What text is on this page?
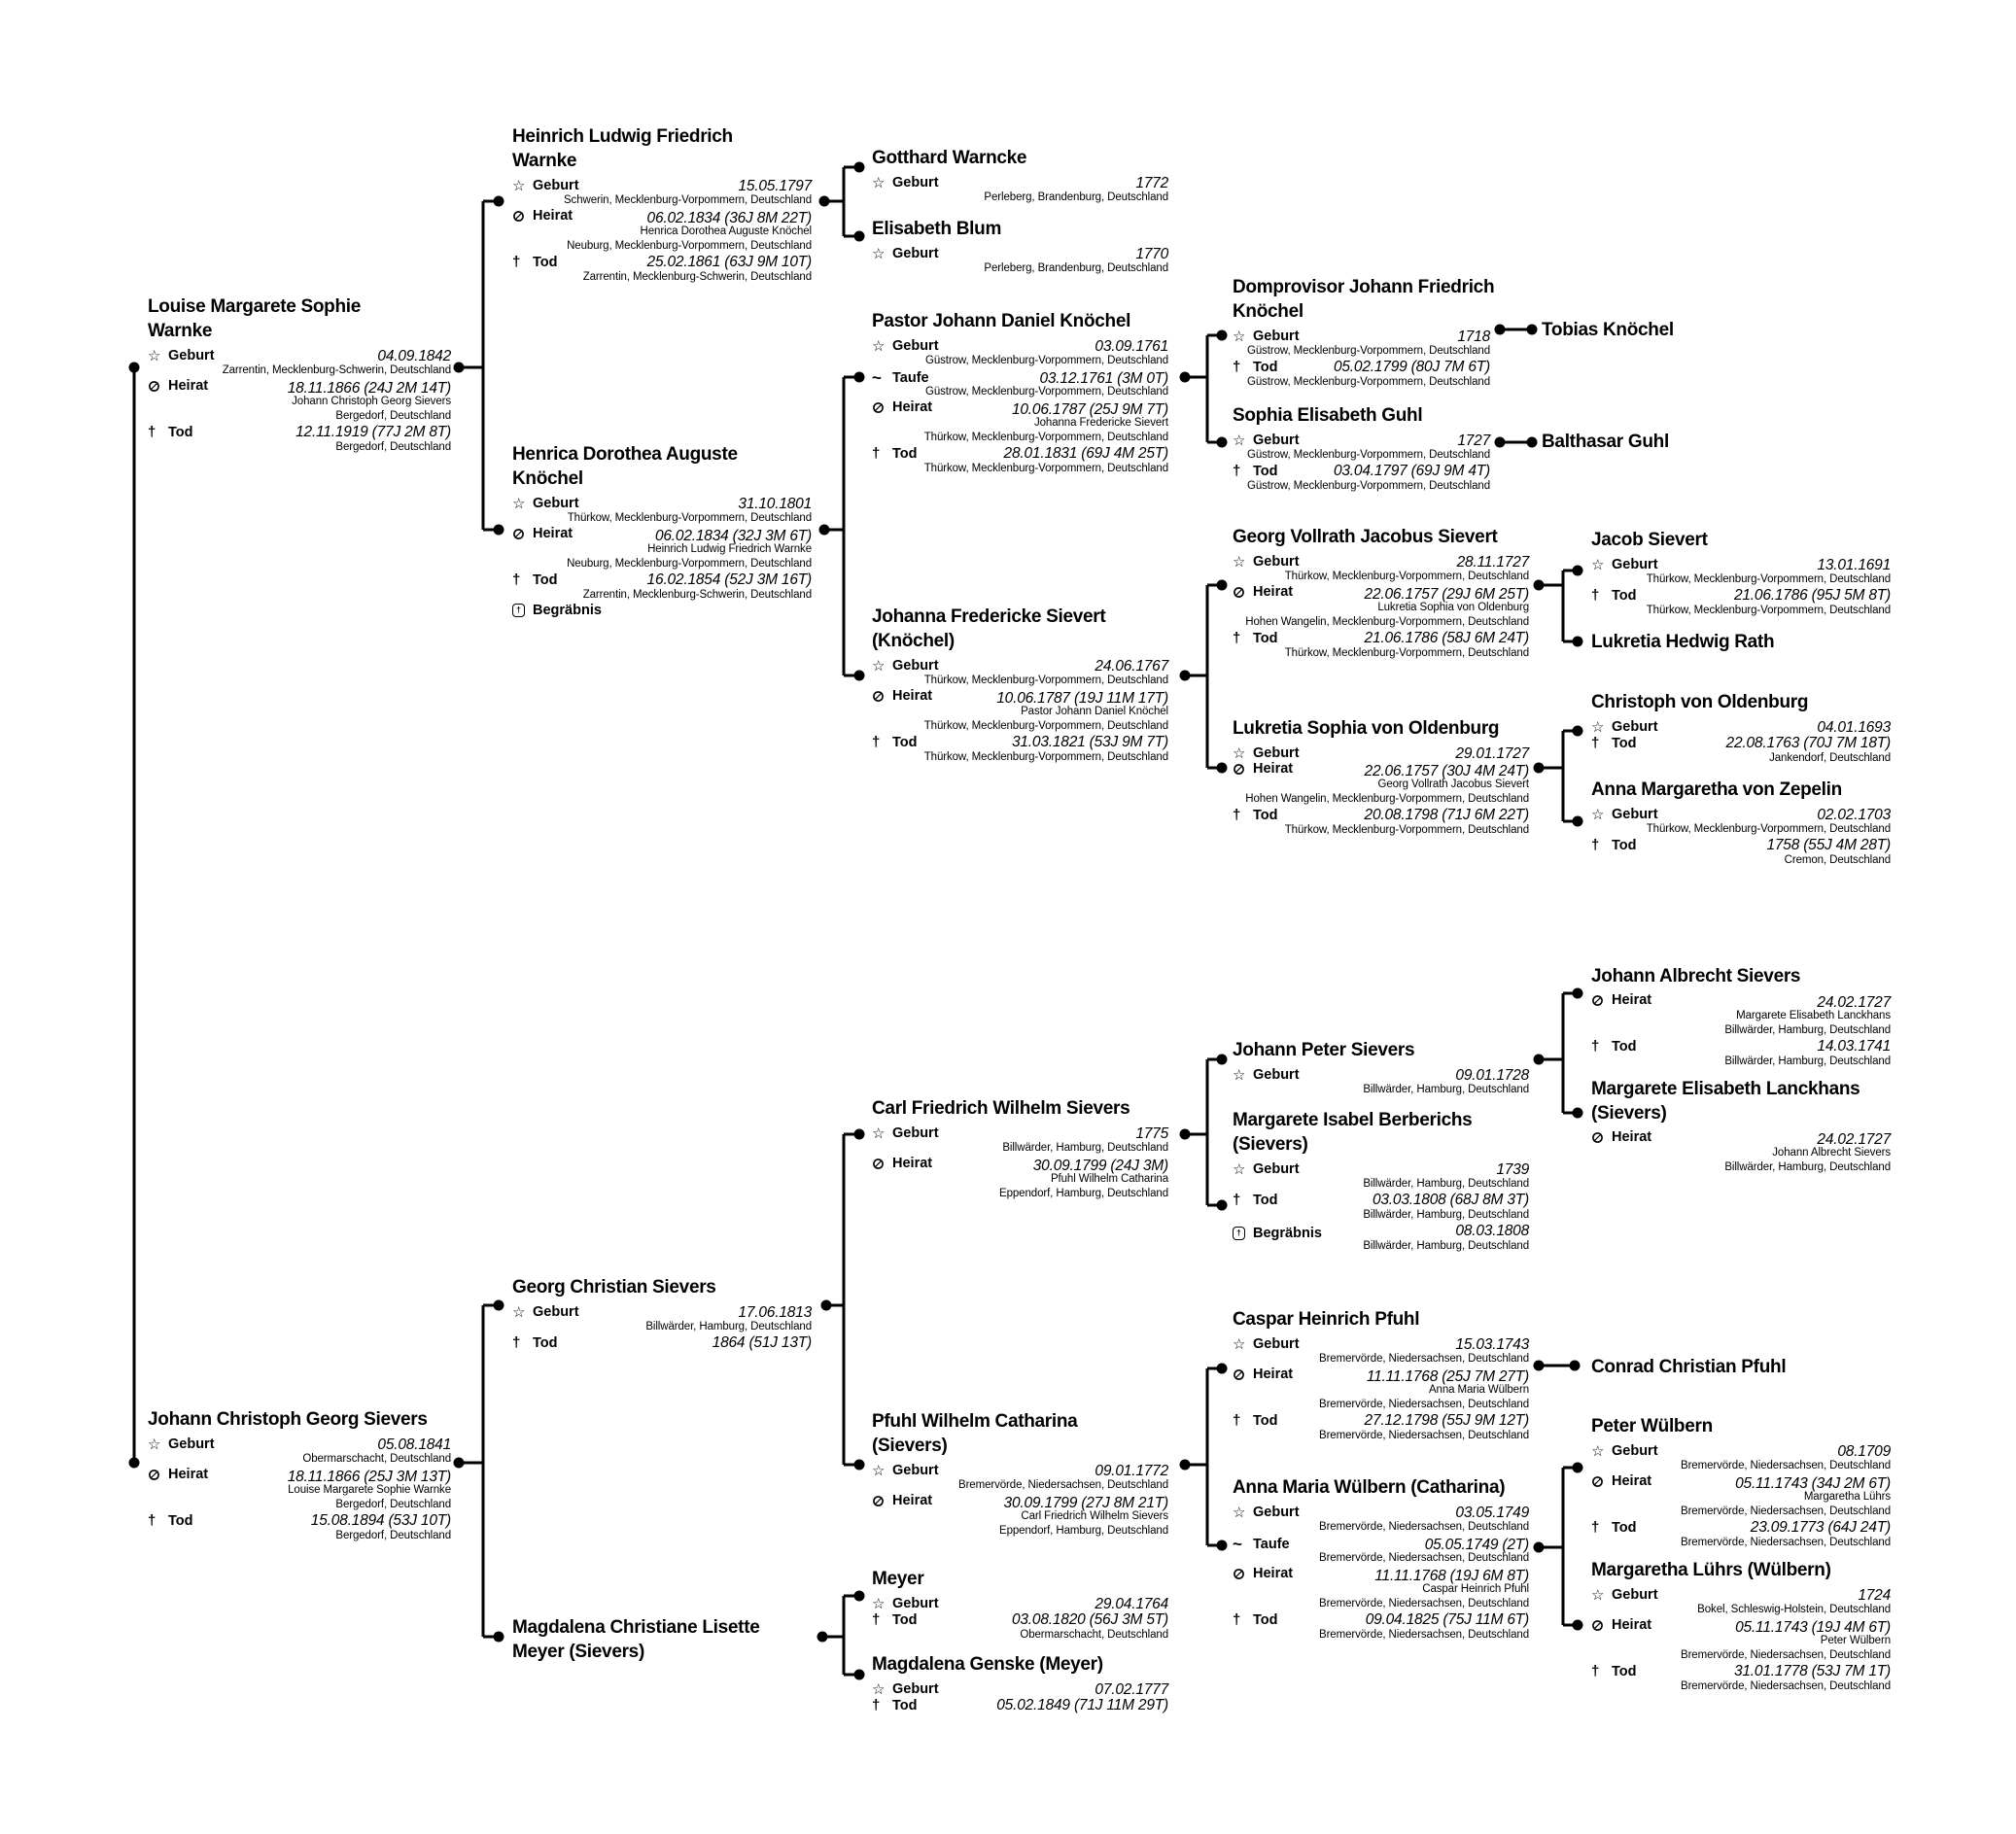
Louise Margarete Sophie
Warnke
☆ Geburt	04.09.1842
Zarrentin, Mecklenburg-Schwerin, Deutschland
Heirat	18.11.1866 (24J 2M 14T)
Johann Christoph Georg Sievers
Bergedorf, Deutschland
† Tod	12.11.1919 (77J 2M 8T)
Bergedorf, Deutschland
Johann Christoph Georg Sievers
☆ Geburt	05.08.1841
Obermarschacht, Deutschland
Heirat	18.11.1866 (25J 3M 13T)
Louise Margarete Sophie Warnke
Bergedorf, Deutschland
† Tod	15.08.1894 (53J 10T)
Bergedorf, Deutschland
Heinrich Ludwig Friedrich
Warnke
☆ Geburt	15.05.1797
Schwerin, Mecklenburg-Vorpommern, Deutschland
Heirat	06.02.1834 (36J 8M 22T)
Henrica Dorothea Auguste Knöchel
Neuburg, Mecklenburg-Vorpommern, Deutschland
† Tod	25.02.1861 (63J 9M 10T)
Zarrentin, Mecklenburg-Schwerin, Deutschland
Henrica Dorothea Auguste
Knöchel
☆ Geburt	31.10.1801
Thürkow, Mecklenburg-Vorpommern, Deutschland
Heirat	06.02.1834 (32J 3M 6T)
Heinrich Ludwig Friedrich Warnke
Neuburg, Mecklenburg-Vorpommern, Deutschland
† Tod	16.02.1854 (52J 3M 16T)
Zarrentin, Mecklenburg-Schwerin, Deutschland
† Begräbnis
Georg Christian Sievers
☆ Geburt	17.06.1813
Billwärder, Hamburg, Deutschland
† Tod	1864 (51J 13T)
Magdalena Christiane Lisette
Meyer (Sievers)
Gotthard Warncke
☆ Geburt	1772
Perleberg, Brandenburg, Deutschland
Elisabeth Blum
☆ Geburt	1770
Perleberg, Brandenburg, Deutschland
Pastor Johann Daniel Knöchel
☆ Geburt	03.09.1761
Güstrow, Mecklenburg-Vorpommern, Deutschland
~ Taufe	03.12.1761 (3M 0T)
Güstrow, Mecklenburg-Vorpommern, Deutschland
Heirat	10.06.1787 (25J 9M 7T)
Johanna Fredericke Sievert
Thürkow, Mecklenburg-Vorpommern, Deutschland
† Tod	28.01.1831 (69J 4M 25T)
Thürkow, Mecklenburg-Vorpommern, Deutschland
Johanna Fredericke Sievert
(Knöchel)
☆ Geburt	24.06.1767
Thürkow, Mecklenburg-Vorpommern, Deutschland
Heirat	10.06.1787 (19J 11M 17T)
Pastor Johann Daniel Knöchel
Thürkow, Mecklenburg-Vorpommern, Deutschland
† Tod	31.03.1821 (53J 9M 7T)
Thürkow, Mecklenburg-Vorpommern, Deutschland
Carl Friedrich Wilhelm Sievers
☆ Geburt	1775
Billwärder, Hamburg, Deutschland
Heirat	30.09.1799 (24J 3M)
Pfuhl Wilhelm Catharina
Eppendorf, Hamburg, Deutschland
Pfuhl Wilhelm Catharina
(Sievers)
☆ Geburt	09.01.1772
Bremervörde, Niedersachsen, Deutschland
Heirat	30.09.1799 (27J 8M 21T)
Carl Friedrich Wilhelm Sievers
Eppendorf, Hamburg, Deutschland
Meyer
☆ Geburt	29.04.1764
† Tod	03.08.1820 (56J 3M 5T)
Obermarschacht, Deutschland
Magdalena Genske (Meyer)
☆ Geburt	07.02.1777
† Tod	05.02.1849 (71J 11M 29T)
Domprovisor Johann Friedrich
Knöchel
☆ Geburt	1718
Güstrow, Mecklenburg-Vorpommern, Deutschland
† Tod	05.02.1799 (80J 7M 6T)
Güstrow, Mecklenburg-Vorpommern, Deutschland
Sophia Elisabeth Guhl
☆ Geburt	1727
Güstrow, Mecklenburg-Vorpommern, Deutschland
† Tod	03.04.1797 (69J 9M 4T)
Güstrow, Mecklenburg-Vorpommern, Deutschland
Georg Vollrath Jacobus Sievert
☆ Geburt	28.11.1727
Thürkow, Mecklenburg-Vorpommern, Deutschland
Heirat	22.06.1757 (29J 6M 25T)
Lukretia Sophia von Oldenburg
Hohen Wangelin, Mecklenburg-Vorpommern, Deutschland
† Tod	21.06.1786 (58J 6M 24T)
Thürkow, Mecklenburg-Vorpommern, Deutschland
Lukretia Sophia von Oldenburg
☆ Geburt	29.01.1727
Heirat	22.06.1757 (30J 4M 24T)
Georg Vollrath Jacobus Sievert
Hohen Wangelin, Mecklenburg-Vorpommern, Deutschland
† Tod	20.08.1798 (71J 6M 22T)
Thürkow, Mecklenburg-Vorpommern, Deutschland
Johann Peter Sievers
☆ Geburt	09.01.1728
Billwärder, Hamburg, Deutschland
Margarete Isabel Berberichs
(Sievers)
☆ Geburt	1739
Billwärder, Hamburg, Deutschland
† Tod	03.03.1808 (68J 8M 3T)
Billwärder, Hamburg, Deutschland
† Begräbnis	08.03.1808
Billwärder, Hamburg, Deutschland
Caspar Heinrich Pfuhl
☆ Geburt	15.03.1743
Bremervörde, Niedersachsen, Deutschland
Heirat	11.11.1768 (25J 7M 27T)
Anna Maria Wülbern
Bremervörde, Niedersachsen, Deutschland
† Tod	27.12.1798 (55J 9M 12T)
Bremervörde, Niedersachsen, Deutschland
Anna Maria Wülbern (Catharina)
☆ Geburt	03.05.1749
Bremervörde, Niedersachsen, Deutschland
~ Taufe	05.05.1749 (2T)
Bremervörde, Niedersachsen, Deutschland
Heirat	11.11.1768 (19J 6M 8T)
Caspar Heinrich Pfuhl
Bremervörde, Niedersachsen, Deutschland
† Tod	09.04.1825 (75J 11M 6T)
Bremervörde, Niedersachsen, Deutschland
Tobias Knöchel
Balthasar Guhl
Jacob Sievert
☆ Geburt	13.01.1691
Thürkow, Mecklenburg-Vorpommern, Deutschland
† Tod	21.06.1786 (95J 5M 8T)
Thürkow, Mecklenburg-Vorpommern, Deutschland
Lukretia Hedwig Rath
Christoph von Oldenburg
☆ Geburt	04.01.1693
† Tod	22.08.1763 (70J 7M 18T)
Jankendorf, Deutschland
Anna Margaretha von Zepelin
☆ Geburt	02.02.1703
Thürkow, Mecklenburg-Vorpommern, Deutschland
† Tod	1758 (55J 4M 28T)
Cremon, Deutschland
Johann Albrecht Sievers
Heirat	24.02.1727
Margarete Elisabeth Lanckhans
Billwärder, Hamburg, Deutschland
† Tod	14.03.1741
Billwärder, Hamburg, Deutschland
Margarete Elisabeth Lanckhans
(Sievers)
Heirat	24.02.1727
Johann Albrecht Sievers
Billwärder, Hamburg, Deutschland
Conrad Christian Pfuhl
Peter Wülbern
☆ Geburt	08.1709
Bremervörde, Niedersachsen, Deutschland
Heirat	05.11.1743 (34J 2M 6T)
Margaretha Lührs
Bremervörde, Niedersachsen, Deutschland
† Tod	23.09.1773 (64J 24T)
Bremervörde, Niedersachsen, Deutschland
Margaretha Lührs (Wülbern)
☆ Geburt	1724
Bokel, Schleswig-Holstein, Deutschland
Heirat	05.11.1743 (19J 4M 6T)
Peter Wülbern
Bremervörde, Niedersachsen, Deutschland
† Tod	31.01.1778 (53J 7M 1T)
Bremervörde, Niedersachsen, Deutschland
